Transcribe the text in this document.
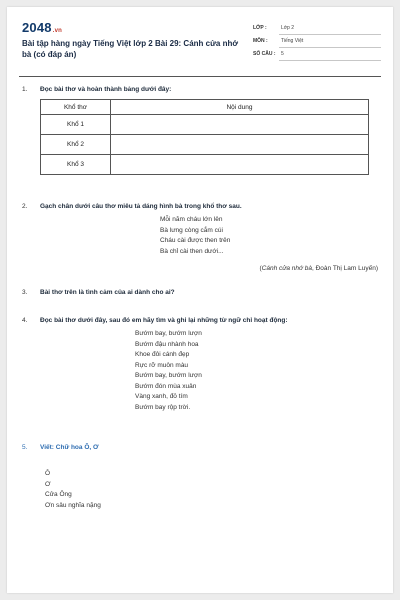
2048.vn
Bài tập hàng ngày Tiếng Việt lớp 2 Bài 29: Cánh cửa nhớ bà (có đáp án)
LỚP :	Lớp 2
MÔN :	Tiếng Việt
SỐ CÂU : 5
1. Đọc bài thơ và hoàn thành bảng dưới đây:
Khổ thơ	Nội dung
Khổ 1	
Khổ 2	
Khổ 3	
2. Gạch chân dưới câu thơ miêu tả dáng hình bà trong khổ thơ sau.
Mỗi năm cháu lớn lên
Bà lưng còng cắm cúi
Cháu cài được then trên
Bà chỉ cài then dưới...
(Cánh cửa nhớ bà, Đoàn Thị Lam Luyến)
3. Bài thơ trên là tình cảm của ai dành cho ai?
4. Đọc bài thơ dưới đây, sau đó em hãy tìm và ghi lại những từ ngữ chỉ hoạt động:
Bướm bay, bướm lượn
Bướm đậu nhành hoa
Khoe đôi cánh đẹp
Rực rỡ muôn màu
Bướm bay, bướm lượn
Bướm đón mùa xuân
Vàng xanh, đỏ tím
Bướm bay rộp trời.
5. Viết: Chữ hoa Ô, Ơ
Ô
Ơ
Cửa Ông
Ơn sâu nghĩa nặng
